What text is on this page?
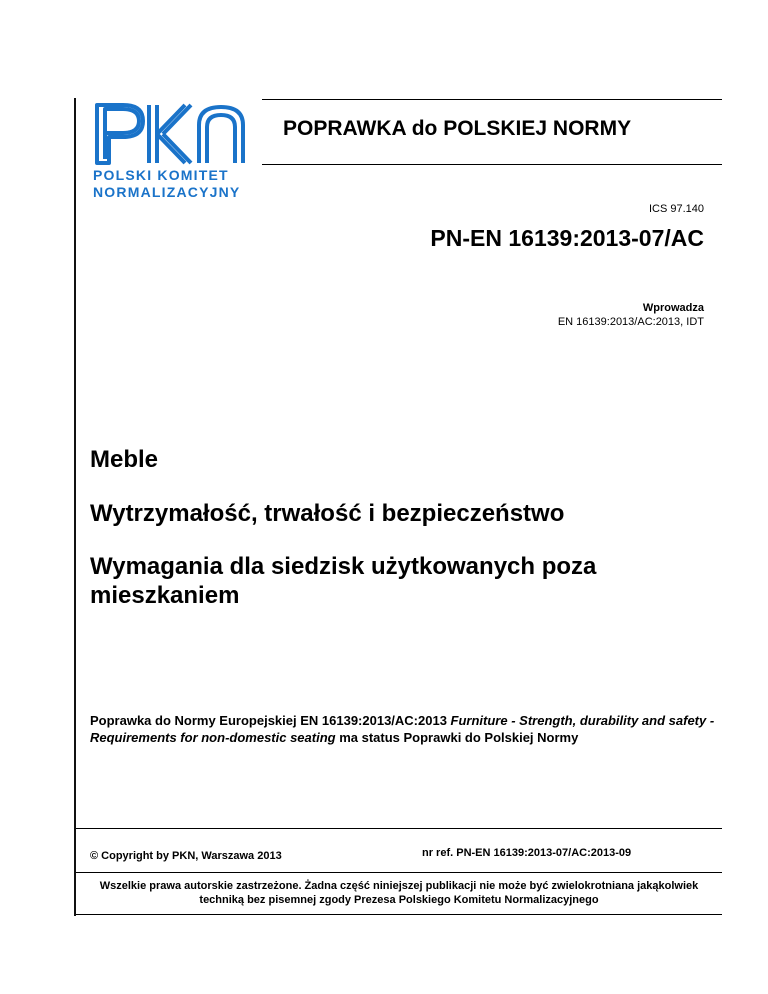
POLSKI KOMITET
NORMALIZACYJNY
POPRAWKA do POLSKIEJ NORMY
ICS 97.140
PN-EN 16139:2013-07/AC
Wprowadza
EN 16139:2013/AC:2013, IDT
Meble
Wytrzymałość, trwałość i bezpieczeństwo
Wymagania dla siedzisk użytkowanych poza mieszkaniem
Poprawka do Normy Europejskiej EN 16139:2013/AC:2013 Furniture - Strength, durability and safety - Requirements for non-domestic seating ma status Poprawki do Polskiej Normy
© Copyright by PKN, Warszawa 2013	nr ref. PN-EN 16139:2013-07/AC:2013-09
Wszelkie prawa autorskie zastrzeżone. Żadna część niniejszej publikacji nie może być zwielokrotniana jakąkolwiek techniką bez pisemnej zgody Prezesa Polskiego Komitetu Normalizacyjnego
